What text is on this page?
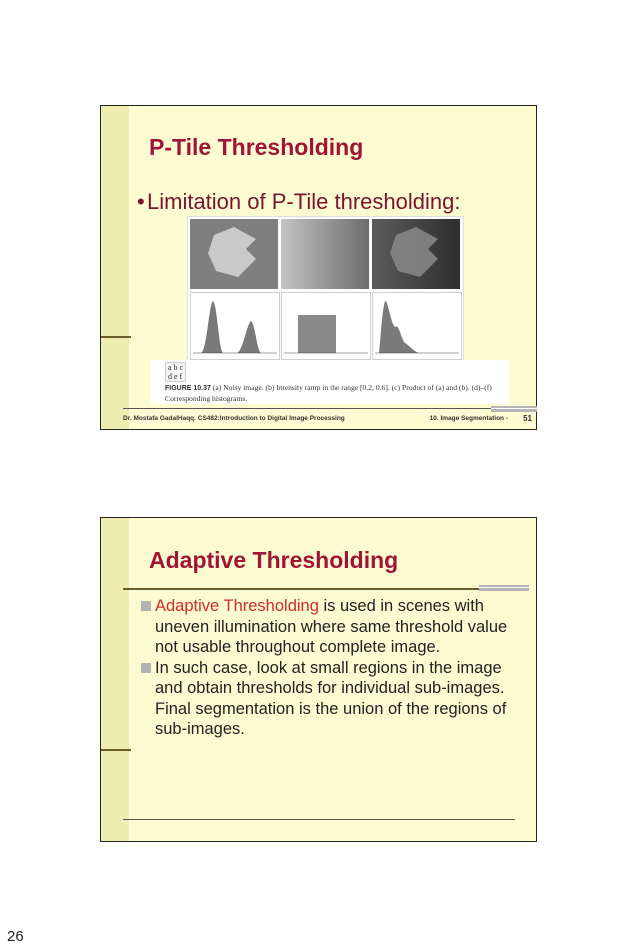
P-Tile Thresholding
• Limitation of P-Tile thresholding:
a b c
d e f
FIGURE 10.37 (a) Noisy image. (b) Intensity ramp in the range [0.2, 0.6]. (c) Product of (a) and (b). (d)–(f) Corresponding histograms.
Dr. Mostafa GadalHaqq. CS482:Introduction to Digital Image Processing	10. Image Segmentation - 51
Adaptive Thresholding
Adaptive Thresholding is used in scenes with uneven illumination where same threshold value not usable throughout complete image.
In such case, look at small regions in the image and obtain thresholds for individual sub-images. Final segmentation is the union of the regions of sub-images.
26
